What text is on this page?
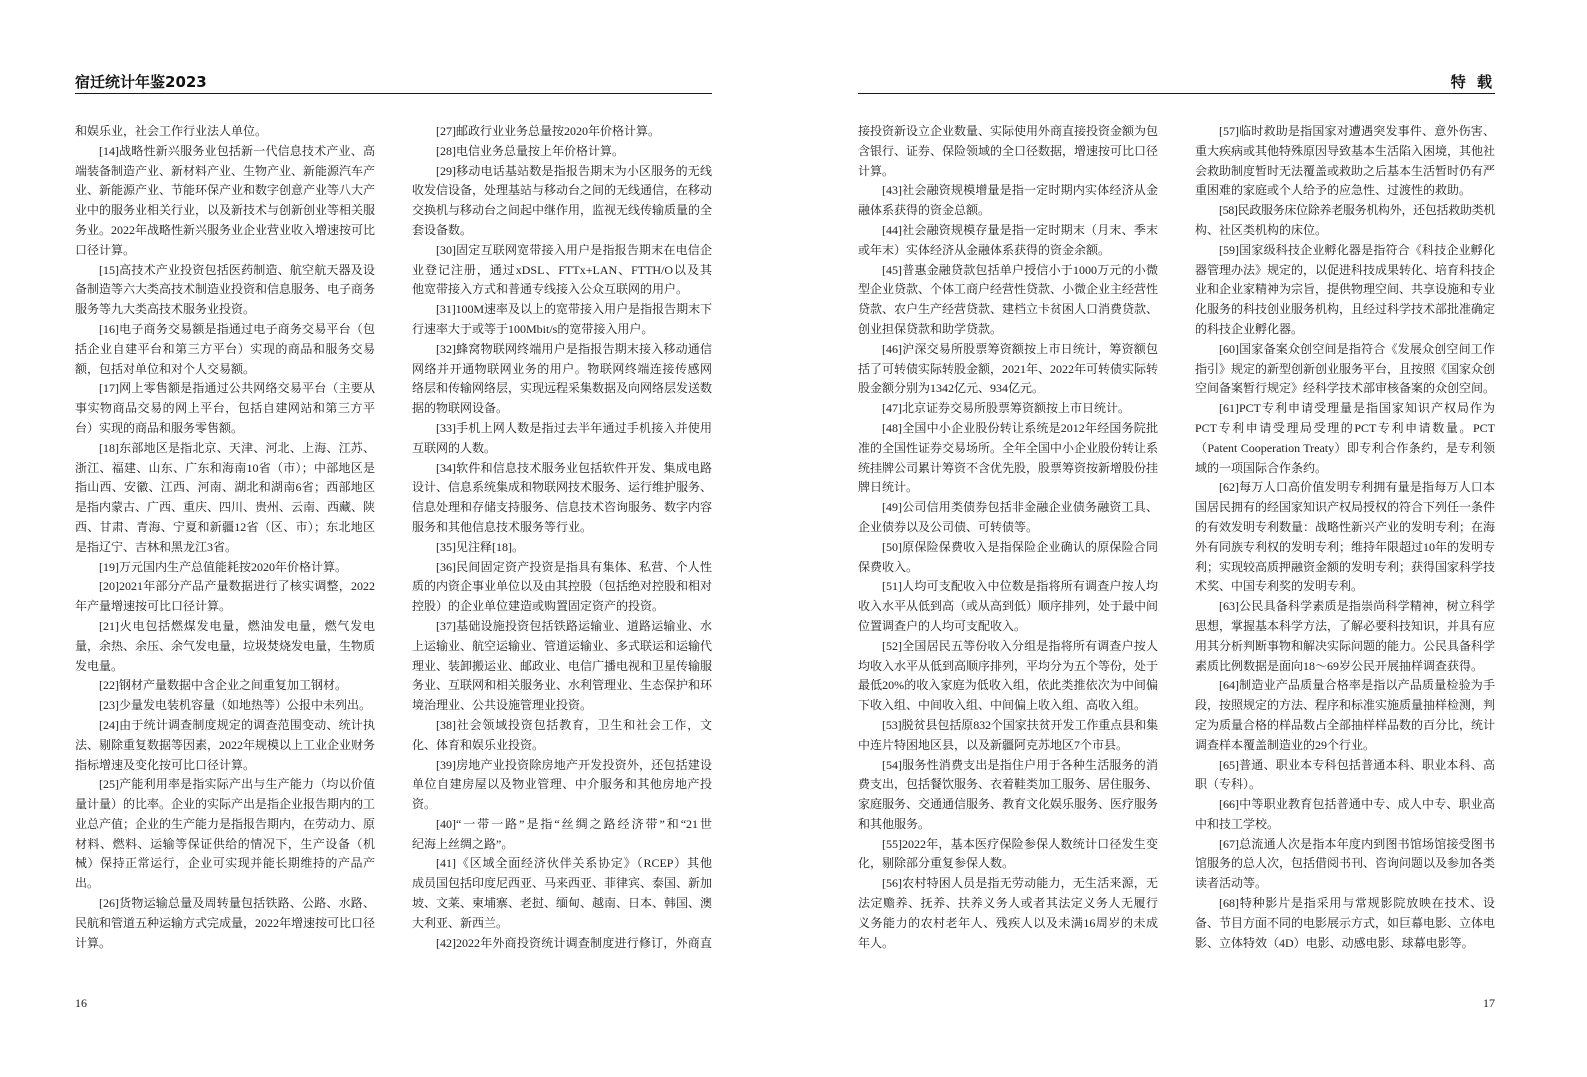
宿迁统计年鉴2023	特 载
和娱乐业，社会工作行业法人单位。
[14]战略性新兴服务业包括新一代信息技术产业、高
端装备制造产业、新材料产业、生物产业、新能源汽车产
业、新能源产业、节能环保产业和数字创意产业等八大产
业中的服务业相关行业，以及新技术与创新创业等相关服
务业。2022年战略性新兴服务业企业营业收入增速按可比
口径计算。
[15]高技术产业投资包括医药制造、航空航天器及设
备制造等六大类高技术制造业投资和信息服务、电子商务
服务等九大类高技术服务业投资。
[16]电子商务交易额是指通过电子商务交易平台（包
括企业自建平台和第三方平台）实现的商品和服务交易
额，包括对单位和对个人交易额。
[17]网上零售额是指通过公共网络交易平台（主要从
事实物商品交易的网上平台，包括自建网站和第三方平
台）实现的商品和服务零售额。
[18]东部地区是指北京、天津、河北、上海、江苏、
浙江、福建、山东、广东和海南10省（市）；中部地区是
指山西、安徽、江西、河南、湖北和湖南6省；西部地区
是指内蒙古、广西、重庆、四川、贵州、云南、西藏、陕
西、甘肃、青海、宁夏和新疆12省（区、市）；东北地区
是指辽宁、吉林和黑龙江3省。
[19]万元国内生产总值能耗按2020年价格计算。
[20]2021年部分产品产量数据进行了核实调整，2022
年产量增速按可比口径计算。
[21]火电包括燃煤发电量，燃油发电量，燃气发电
量，余热、余压、余气发电量，垃圾焚烧发电量，生物质
发电量。
[22]钢材产量数据中含企业之间重复加工钢材。
[23]少量发电装机容量（如地热等）公报中未列出。
[24]由于统计调查制度规定的调查范围变动、统计执
法、剔除重复数据等因素，2022年规模以上工业企业财务
指标增速及变化按可比口径计算。
[25]产能利用率是指实际产出与生产能力（均以价值
量计量）的比率。企业的实际产出是指企业报告期内的工
业总产值；企业的生产能力是指报告期内，在劳动力、原
材料、燃料、运输等保证供给的情况下，生产设备（机
械）保持正常运行，企业可实现并能长期维持的产品产
出。
[26]货物运输总量及周转量包括铁路、公路、水路、
民航和管道五种运输方式完成量，2022年增速按可比口径
计算。
[27]邮政行业业务总量按2020年价格计算。
[28]电信业务总量按上年价格计算。
[29]移动电话基站数是指报告期末为小区服务的无线
收发信设备，处理基站与移动台之间的无线通信，在移动
交换机与移动台之间起中继作用，监视无线传输质量的全
套设备数。
[30]固定互联网宽带接入用户是指报告期末在电信企
业登记注册，通过xDSL、FTTx+LAN、FTTH/O以及其
他宽带接入方式和普通专线接入公众互联网的用户。
[31]100M速率及以上的宽带接入用户是指报告期末下
行速率大于或等于100Mbit/s的宽带接入用户。
[32]蜂窝物联网终端用户是指报告期末接入移动通信
网络并开通物联网业务的用户。物联网终端连接传感网
络层和传输网络层，实现远程采集数据及向网络层发送数
据的物联网设备。
[33]手机上网人数是指过去半年通过手机接入并使用
互联网的人数。
[34]软件和信息技术服务业包括软件开发、集成电路
设计、信息系统集成和物联网技术服务、运行维护服务、
信息处理和存储支持服务、信息技术咨询服务、数字内容
服务和其他信息技术服务等行业。
[35]见注释[18]。
[36]民间固定资产投资是指具有集体、私营、个人性
质的内资企事业单位以及由其控股（包括绝对控股和相对
控股）的企业单位建造或购置固定资产的投资。
[37]基础设施投资包括铁路运输业、道路运输业、水
上运输业、航空运输业、管道运输业、多式联运和运输代
理业、装卸搬运业、邮政业、电信广播电视和卫星传输服
务业、互联网和相关服务业、水利管理业、生态保护和环
境治理业、公共设施管理业投资。
[38]社会领域投资包括教育，卫生和社会工作，文
化、体育和娱乐业投资。
[39]房地产业投资除房地产开发投资外，还包括建设
单位自建房屋以及物业管理、中介服务和其他房地产投
资。
[40]“一带一路”是指“丝绸之路经济带”和“21世
纪海上丝绸之路”。
[41]《区域全面经济伙伴关系协定》（RCEP）其他
成员国包括印度尼西亚、马来西亚、菲律宾、泰国、新加
坡、文莱、柬埔寨、老挝、缅甸、越南、日本、韩国、澳
大利亚、新西兰。
[42]2022年外商投资统计调查制度进行修订，外商直
接投资新设立企业数量、实际使用外商直接投资金额为包
含银行、证券、保险领域的全口径数据，增速按可比口径
计算。
[43]社会融资规模增量是指一定时期内实体经济从金
融体系获得的资金总额。
[44]社会融资规模存量是指一定时期末（月末、季末
或年末）实体经济从金融体系获得的资金余额。
[45]普惠金融贷款包括单户授信小于1000万元的小微
型企业贷款、个体工商户经营性贷款、小微企业主经营性
贷款、农户生产经营贷款、建档立卡贫困人口消费贷款、
创业担保贷款和助学贷款。
[46]沪深交易所股票筹资额按上市日统计，筹资额包
括了可转债实际转股金额，2021年、2022年可转债实际转
股金额分别为1342亿元、934亿元。
[47]北京证券交易所股票筹资额按上市日统计。
[48]全国中小企业股份转让系统是2012年经国务院批
准的全国性证券交易场所。全年全国中小企业股份转让系
统挂牌公司累计筹资不含优先股，股票筹资按新增股份挂
牌日统计。
[49]公司信用类债券包括非金融企业债务融资工具、
企业债券以及公司债、可转债等。
[50]原保险保费收入是指保险企业确认的原保险合同
保费收入。
[51]人均可支配收入中位数是指将所有调查户按人均
收入水平从低到高（或从高到低）顺序排列，处于最中间
位置调查户的人均可支配收入。
[52]全国居民五等份收入分组是指将所有调查户按人
均收入水平从低到高顺序排列，平均分为五个等份，处于
最低20%的收入家庭为低收入组，依此类推依次为中间偏
下收入组、中间收入组、中间偏上收入组、高收入组。
[53]脱贫县包括原832个国家扶贫开发工作重点县和集
中连片特困地区县，以及新疆阿克苏地区7个市县。
[54]服务性消费支出是指住户用于各种生活服务的消
费支出，包括餐饮服务、衣着鞋类加工服务、居住服务、
家庭服务、交通通信服务、教育文化娱乐服务、医疗服务
和其他服务。
[55]2022年，基本医疗保险参保人数统计口径发生变
化，剔除部分重复参保人数。
[56]农村特困人员是指无劳动能力，无生活来源，无
法定赡养、抚养、扶养义务人或者其法定义务人无履行
义务能力的农村老年人、残疾人以及未满16周岁的未成
年人。
[57]临时救助是指国家对遭遇突发事件、意外伤害、
重大疾病或其他特殊原因导致基本生活陷入困境，其他社
会救助制度暂时无法覆盖或救助之后基本生活暂时仍有严
重困难的家庭或个人给予的应急性、过渡性的救助。
[58]民政服务床位除养老服务机构外，还包括救助类机
构、社区类机构的床位。
[59]国家级科技企业孵化器是指符合《科技企业孵化
器管理办法》规定的，以促进科技成果转化、培育科技企
业和企业家精神为宗旨，提供物理空间、共享设施和专业
化服务的科技创业服务机构，且经过科学技术部批准确定
的科技企业孵化器。
[60]国家备案众创空间是指符合《发展众创空间工作
指引》规定的新型创新创业服务平台，且按照《国家众创
空间备案暂行规定》经科学技术部审核备案的众创空间。
[61]PCT专利申请受理量是指国家知识产权局作为
PCT专利申请受理局受理的PCT专利申请数量。PCT
（Patent Cooperation Treaty）即专利合作条约，是专利领
域的一项国际合作条约。
[62]每万人口高价值发明专利拥有量是指每万人口本
国居民拥有的经国家知识产权局授权的符合下列任一条件
的有效发明专利数量：战略性新兴产业的发明专利；在海
外有同族专利权的发明专利；维持年限超过10年的发明专
利；实现较高质押融资金额的发明专利；获得国家科学技
术奖、中国专利奖的发明专利。
[63]公民具备科学素质是指崇尚科学精神，树立科学
思想，掌握基本科学方法，了解必要科技知识，并具有应
用其分析判断事物和解决实际问题的能力。公民具备科学
素质比例数据是面向18～69岁公民开展抽样调查获得。
[64]制造业产品质量合格率是指以产品质量检验为手
段，按照规定的方法、程序和标准实施质量抽样检测，判
定为质量合格的样品数占全部抽样样品数的百分比，统计
调查样本覆盖制造业的29个行业。
[65]普通、职业本专科包括普通本科、职业本科、高
职（专科）。
[66]中等职业教育包括普通中专、成人中专、职业高
中和技工学校。
[67]总流通人次是指本年度内到图书馆场馆接受图书
馆服务的总人次，包括借阅书刊、咨询问题以及参加各类
读者活动等。
[68]特种影片是指采用与常规影院放映在技术、设
备、节目方面不同的电影展示方式，如巨幕电影、立体电
影、立体特效（4D）电影、动感电影、球幕电影等。
16	17
